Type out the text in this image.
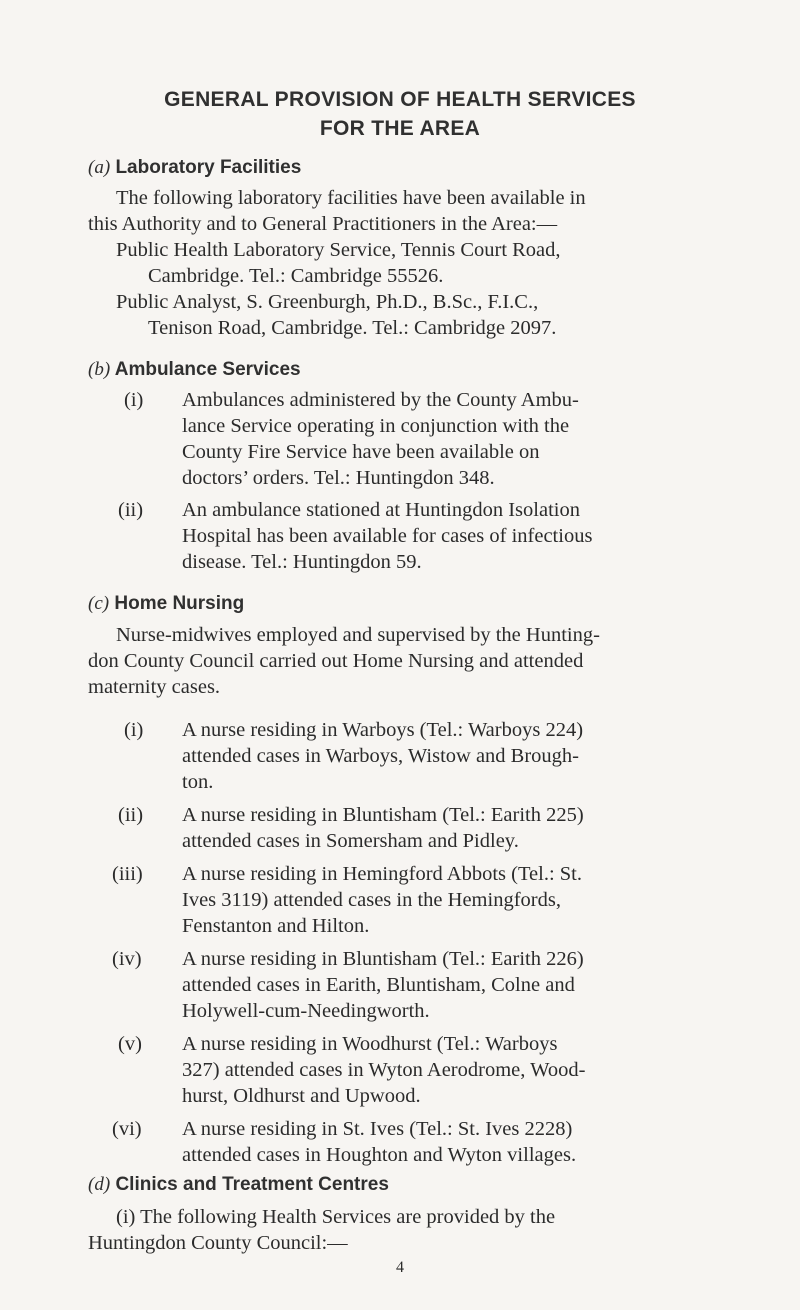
GENERAL PROVISION OF HEALTH SERVICES
FOR THE AREA
(a) Laboratory Facilities
The following laboratory facilities have been available in
this Authority and to General Practitioners in the Area:—
Public Health Laboratory Service, Tennis Court Road,
Cambridge. Tel.: Cambridge 55526.
Public Analyst, S. Greenburgh, Ph.D., B.Sc., F.I.C.,
Tenison Road, Cambridge. Tel.: Cambridge 2097.
(b) Ambulance Services
(i) Ambulances administered by the County Ambu-
lance Service operating in conjunction with the
County Fire Service have been available on
doctors’ orders. Tel.: Huntingdon 348.
(ii) An ambulance stationed at Huntingdon Isolation
Hospital has been available for cases of infectious
disease. Tel.: Huntingdon 59.
(c) Home Nursing
Nurse-midwives employed and supervised by the Hunting-
don County Council carried out Home Nursing and attended
maternity cases.
(i) A nurse residing in Warboys (Tel.: Warboys 224)
attended cases in Warboys, Wistow and Brough-
ton.
(ii) A nurse residing in Bluntisham (Tel.: Earith 225)
attended cases in Somersham and Pidley.
(iii) A nurse residing in Hemingford Abbots (Tel.: St.
Ives 3119) attended cases in the Hemingfords,
Fenstanton and Hilton.
(iv) A nurse residing in Bluntisham (Tel.: Earith 226)
attended cases in Earith, Bluntisham, Colne and
Holywell-cum-Needingworth.
(v) A nurse residing in Woodhurst (Tel.: Warboys
327) attended cases in Wyton Aerodrome, Wood-
hurst, Oldhurst and Upwood.
(vi) A nurse residing in St. Ives (Tel.: St. Ives 2228)
attended cases in Houghton and Wyton villages.
(d) Clinics and Treatment Centres
(i) The following Health Services are provided by the
Huntingdon County Council:—
4
